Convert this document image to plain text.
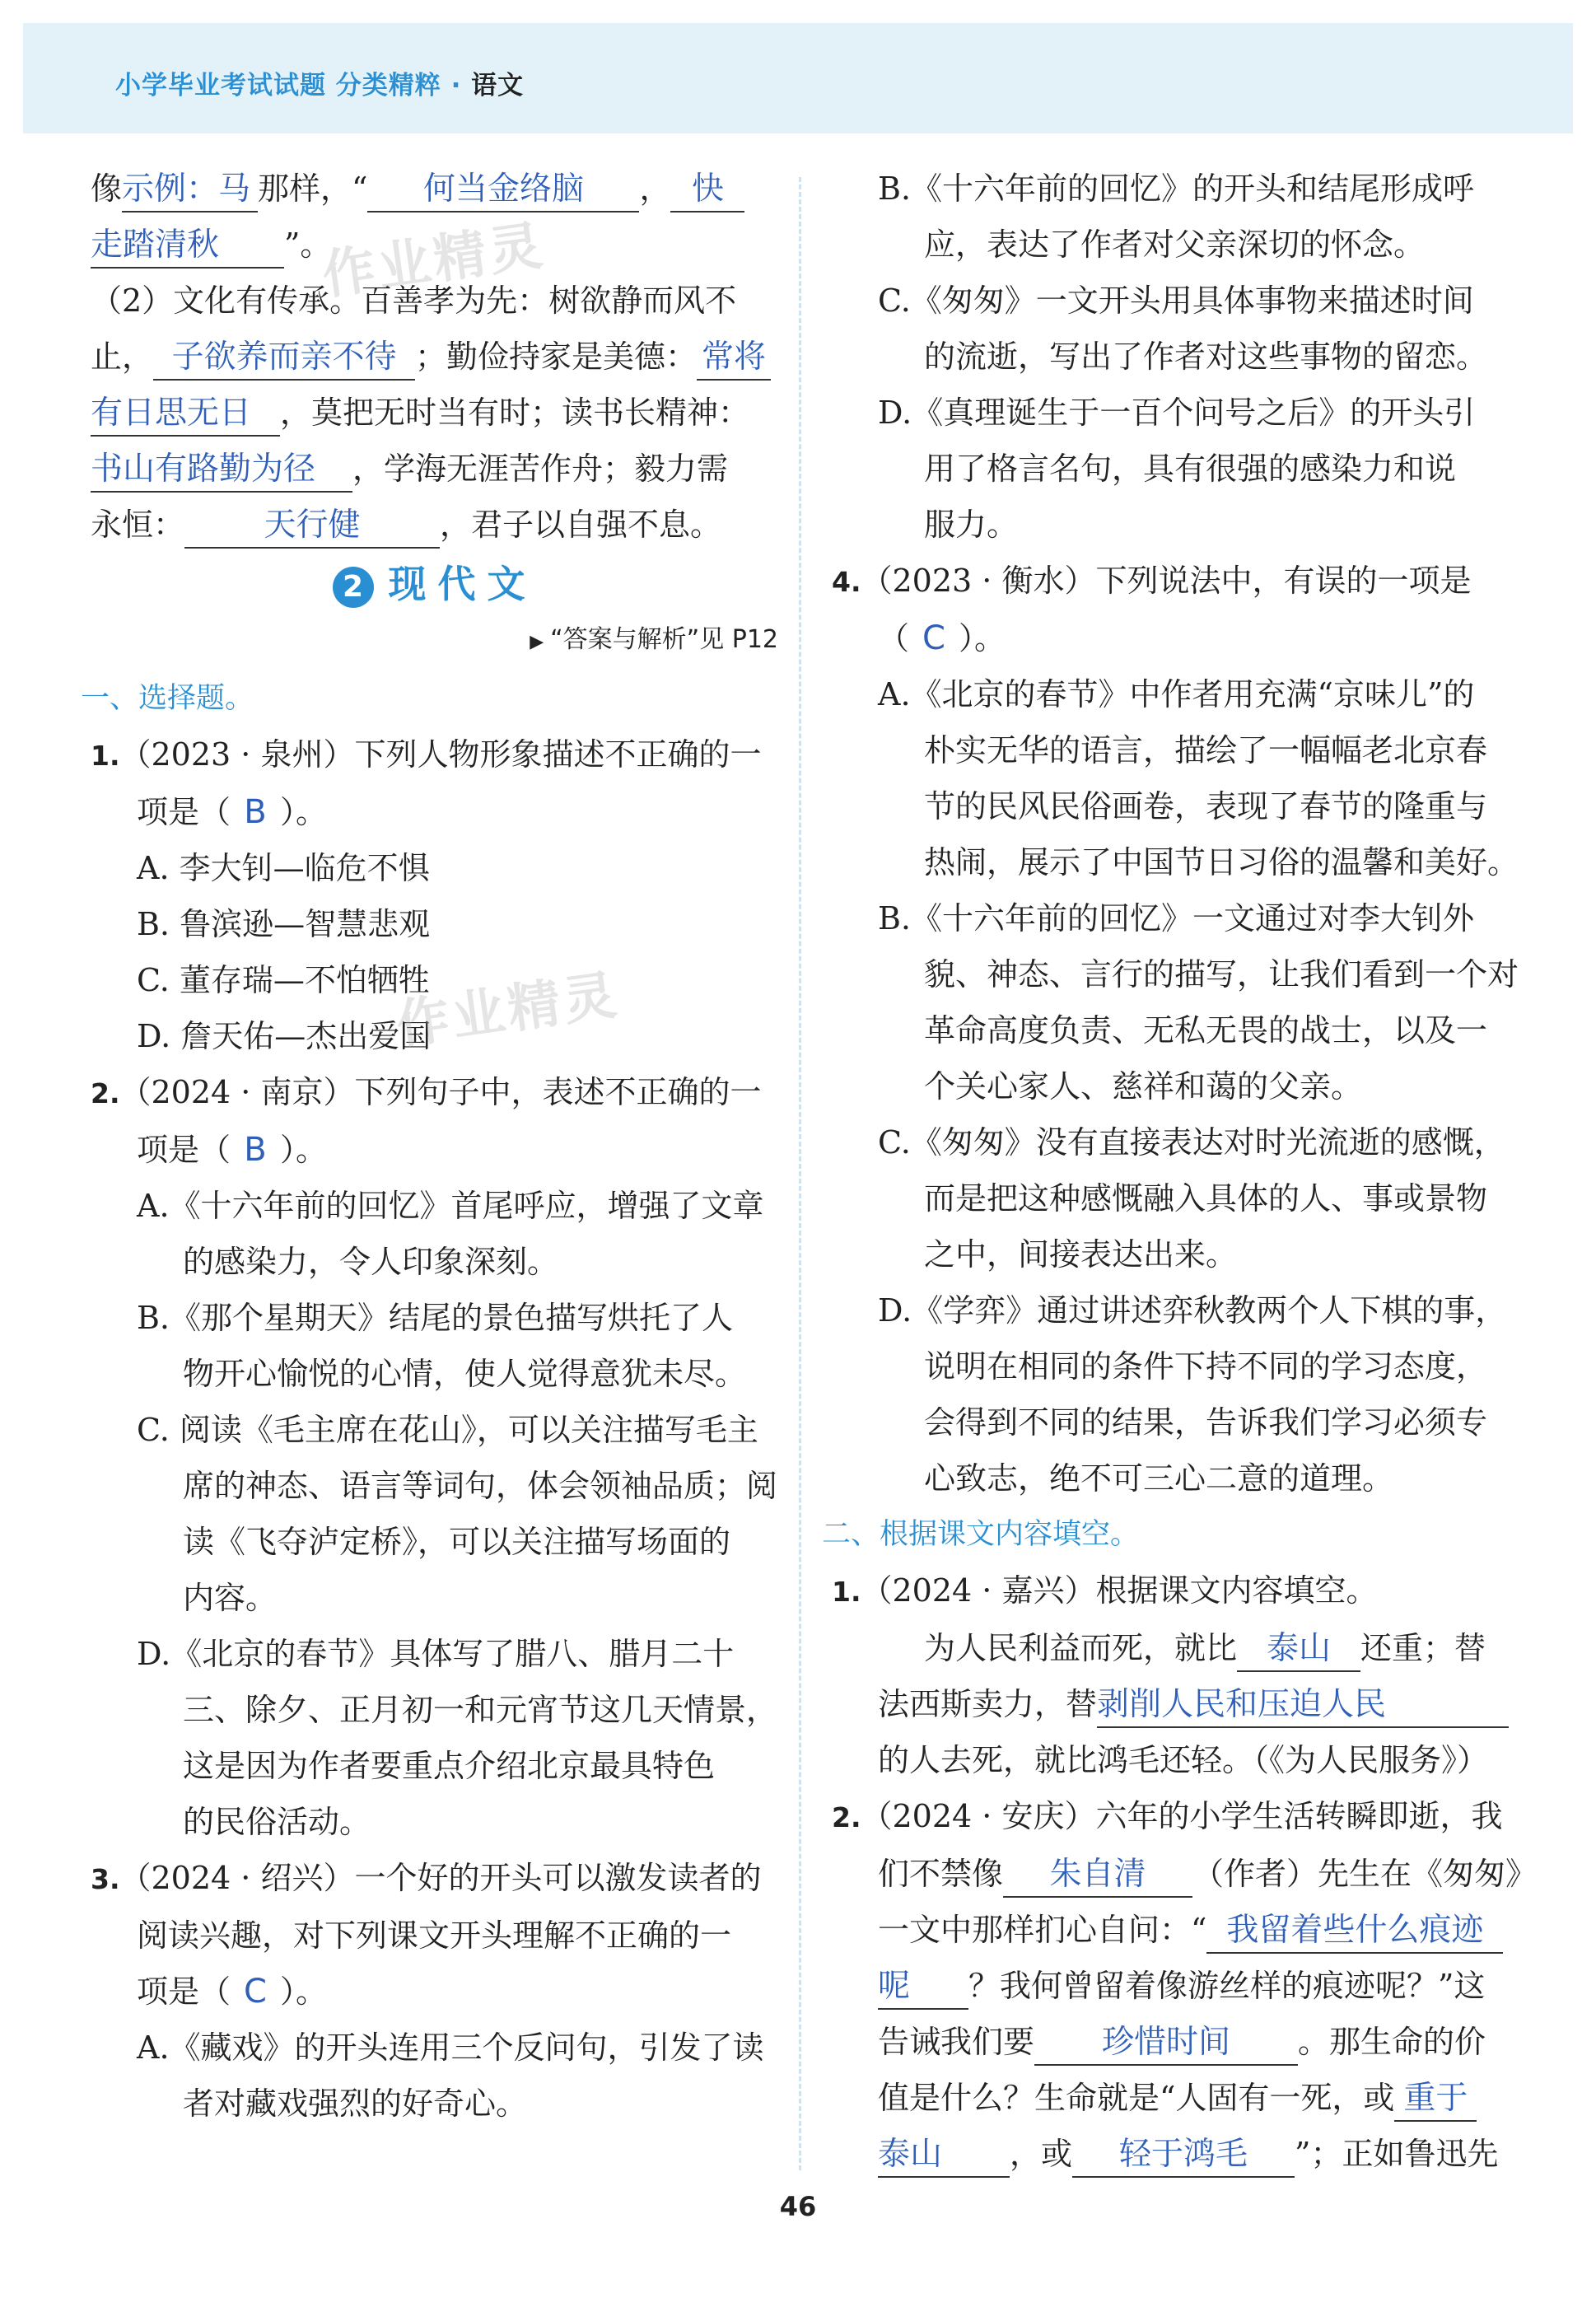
小学毕业考试试题 分类精粹 · 语文
像示例：马 那样，“ 何当金络脑 ， 快
走踏清秋 ”。
（2）文化有传承。百善孝为先：树欲静而风不
止， 子欲养而亲不待 ；勤俭持家是美德： 常将
有日思无日 ，莫把无时当有时；读书长精神：
书山有路勤为径 ，学海无涯苦作舟；毅力需
永恒： 天行健	，君子以自强不息。
2 现代文
▶ “答案与解析”见 P12
一、选择题。
1.（2023 · 泉州）下列人物形象描述不正确的一
项是（ B ）。
A. 李大钊—临危不惧
B. 鲁滨逊—智慧悲观
C. 董存瑞—不怕牺牲
D. 詹天佑—杰出爱国
2.（2024 · 南京）下列句子中，表述不正确的一
项是（ B ）。
A.《十六年前的回忆》首尾呼应，增强了文章
的感染力，令人印象深刻。
B.《那个星期天》结尾的景色描写烘托了人
物开心愉悦的心情，使人觉得意犹未尽。
C. 阅读《毛主席在花山》，可以关注描写毛主
席的神态、语言等词句，体会领袖品质；阅
读《飞夺泸定桥》，可以关注描写场面的
内容。
D.《北京的春节》具体写了腊八、腊月二十
三、除夕、正月初一和元宵节这几天情景，
这是因为作者要重点介绍北京最具特色
的民俗活动。
3.（2024 · 绍兴）一个好的开头可以激发读者的
阅读兴趣，对下列课文开头理解不正确的一
项是（ C ）。
A.《藏戏》的开头连用三个反问句，引发了读
者对藏戏强烈的好奇心。
B.《十六年前的回忆》的开头和结尾形成呼
应，表达了作者对父亲深切的怀念。
C.《匆匆》一文开头用具体事物来描述时间
的流逝，写出了作者对这些事物的留恋。
D.《真理诞生于一百个问号之后》的开头引
用了格言名句，具有很强的感染力和说
服力。
4.（2023 · 衡水）下列说法中，有误的一项是
（ C ）。
A.《北京的春节》中作者用充满“京味儿”的
朴实无华的语言，描绘了一幅幅老北京春
节的民风民俗画卷，表现了春节的隆重与
热闹，展示了中国节日习俗的温馨和美好。
B.《十六年前的回忆》一文通过对李大钊外
貌、神态、言行的描写，让我们看到一个对
革命高度负责、无私无畏的战士，以及一
个关心家人、慈祥和蔼的父亲。
C.《匆匆》没有直接表达对时光流逝的感慨，
而是把这种感慨融入具体的人、事或景物
之中，间接表达出来。
D.《学弈》通过讲述弈秋教两个人下棋的事，
说明在相同的条件下持不同的学习态度，
会得到不同的结果，告诉我们学习必须专
心致志，绝不可三心二意的道理。
二、根据课文内容填空。
1.（2024 · 嘉兴）根据课文内容填空。
为人民利益而死，就比 泰山 还重；替
法西斯卖力，替剥削人民和压迫人民
的人去死，就比鸿毛还轻。（《为人民服务》）
2.（2024 · 安庆）六年的小学生活转瞬即逝，我
们不禁像 朱自清 （作者）先生在《匆匆》
一文中那样扪心自问：“ 我留着些什么痕迹
呢 ？我何曾留着像游丝样的痕迹呢？”这
告诫我们要 珍惜时间 。那生命的价
值是什么？生命就是“人固有一死，或 重于
泰山 ，或 轻于鸿毛 ”；正如鲁迅先
作业精灵
作业精灵
46
